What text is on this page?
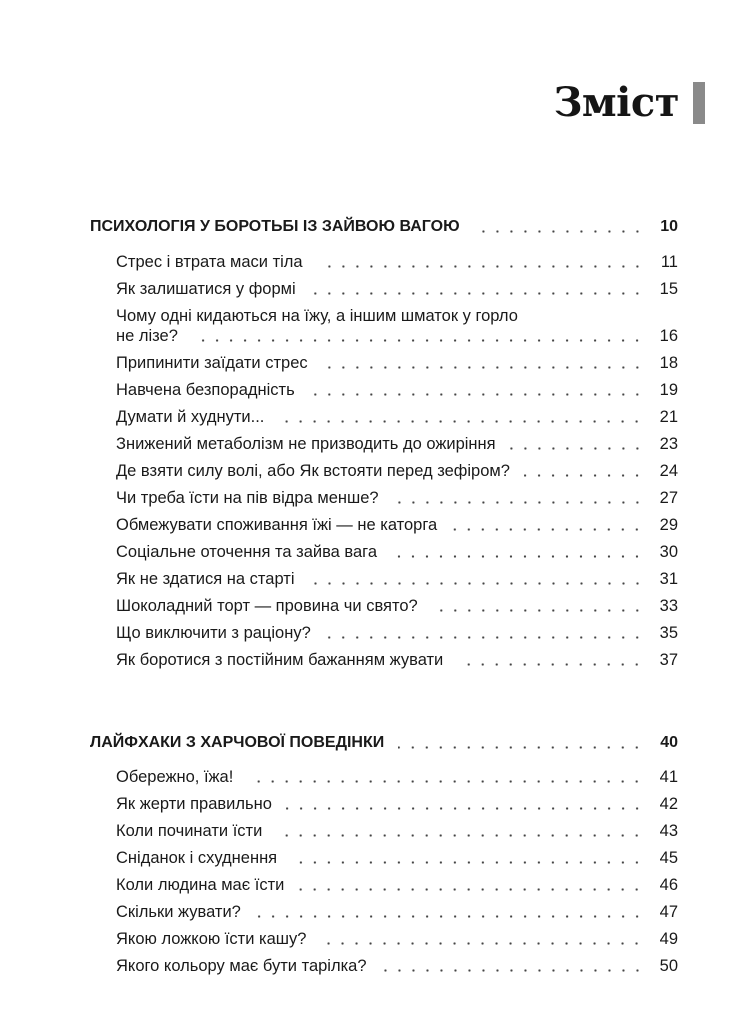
Зміст
ПСИХОЛОГІЯ У БОРОТЬБІ ІЗ ЗАЙВОЮ ВАГОЮ	10
Стрес і втрата маси тіла	11
Як залишатися у формі	15
Чому одні кидаються на їжу, а іншим шматок у горло
не лізе?	16
Припинити заїдати стрес	18
Навчена безпорадність	19
Думати й худнути...	21
Знижений метаболізм не призводить до ожиріння	23
Де взяти силу волі, або Як встояти перед зефіром?	24
Чи треба їсти на пів відра менше?	27
Обмежувати споживання їжі — не каторга	29
Соціальне оточення та зайва вага	30
Як не здатися на старті	31
Шоколадний торт — провина чи свято?	33
Що виключити з раціону?	35
Як боротися з постійним бажанням жувати	37
ЛАЙФХАКИ З ХАРЧОВОЇ ПОВЕДІНКИ	40
Обережно, їжа!	41
Як жерти правильно	42
Коли починати їсти	43
Сніданок і схуднення	45
Коли людина має їсти	46
Скільки жувати?	47
Якою ложкою їсти кашу?	49
Якого кольору має бути тарілка?	50
